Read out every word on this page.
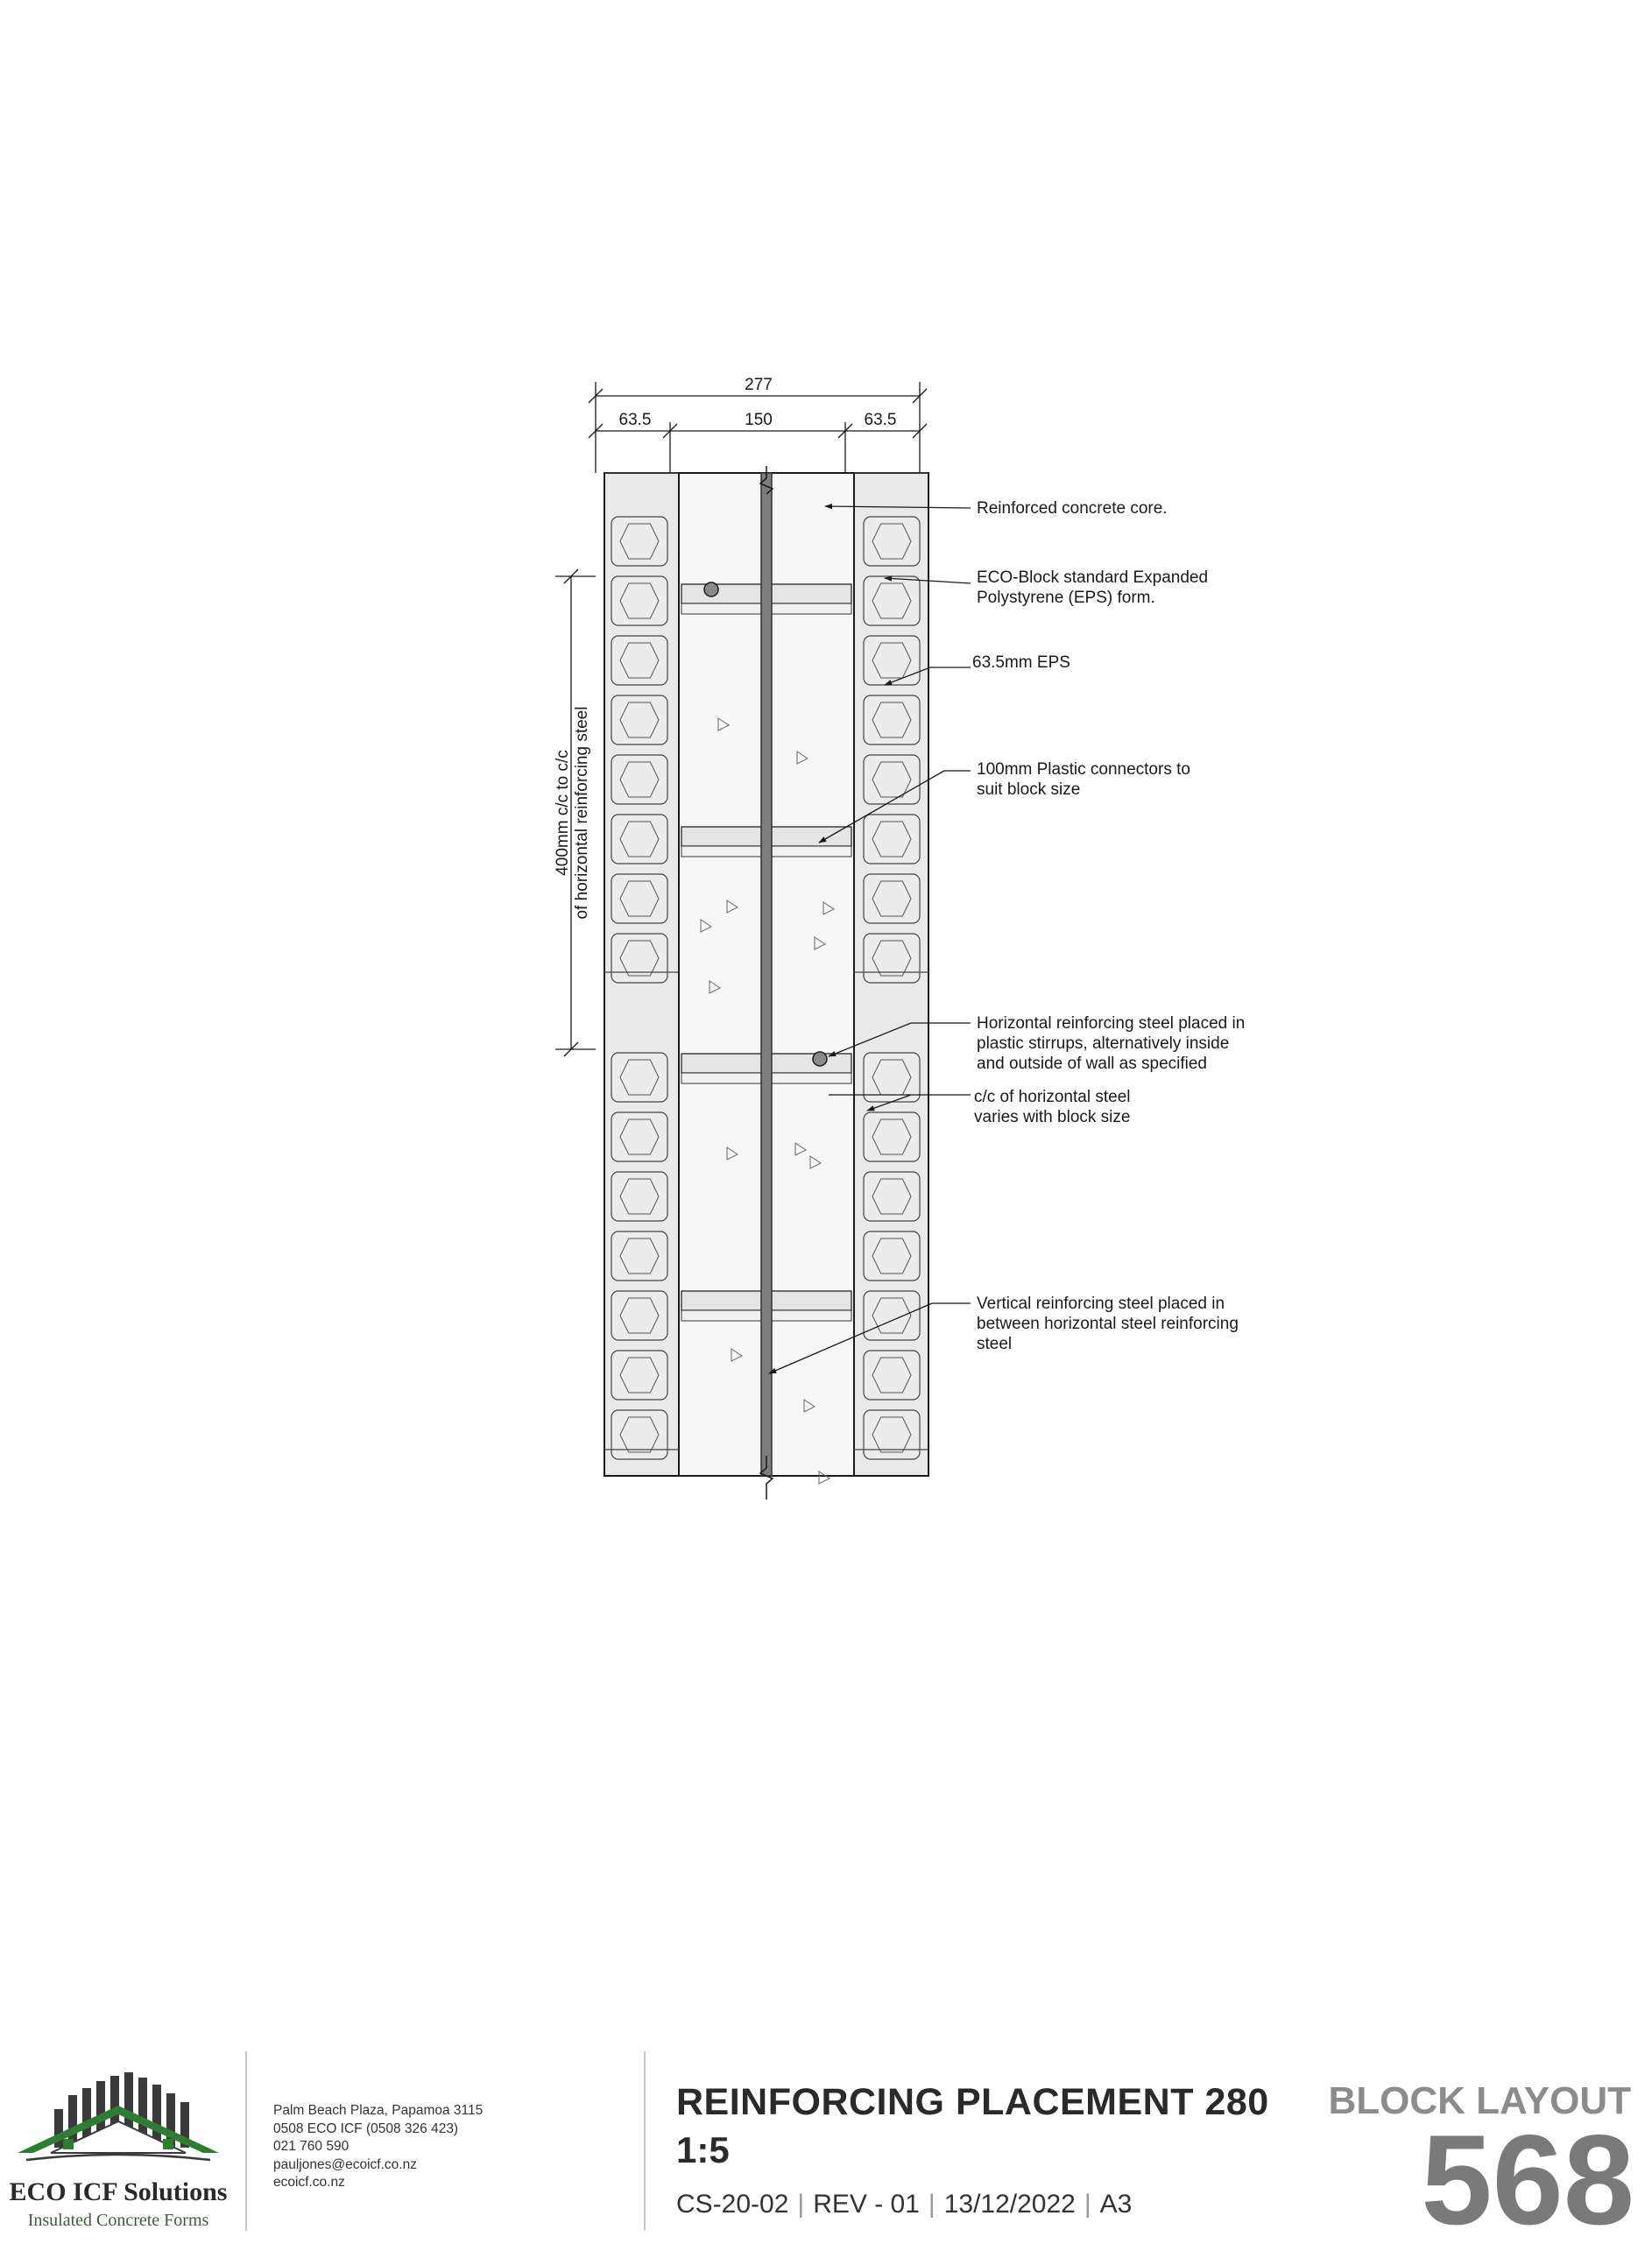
277
63.5	150	63.5
400mm c/c to c/c of horizontal reinforcing steel
Reinforced concrete core.
ECO-Block standard Expanded Polystyrene (EPS) form.
63.5mm EPS
100mm Plastic connectors to suit block size
Horizontal reinforcing steel placed in plastic stirrups, alternatively inside and outside of wall as specified
c/c of horizontal steel varies with block size
Vertical reinforcing steel placed in between horizontal steel reinforcing steel
ECO ICF Solutions
Insulated Concrete Forms
Palm Beach Plaza, Papamoa 3115
0508 ECO ICF (0508 326 423)
021 760 590
pauljones@ecoicf.co.nz
ecoicf.co.nz
REINFORCING PLACEMENT 280
1:5
CS-20-02 | REV - 01 | 13/12/2022 | A3
BLOCK LAYOUT
568
